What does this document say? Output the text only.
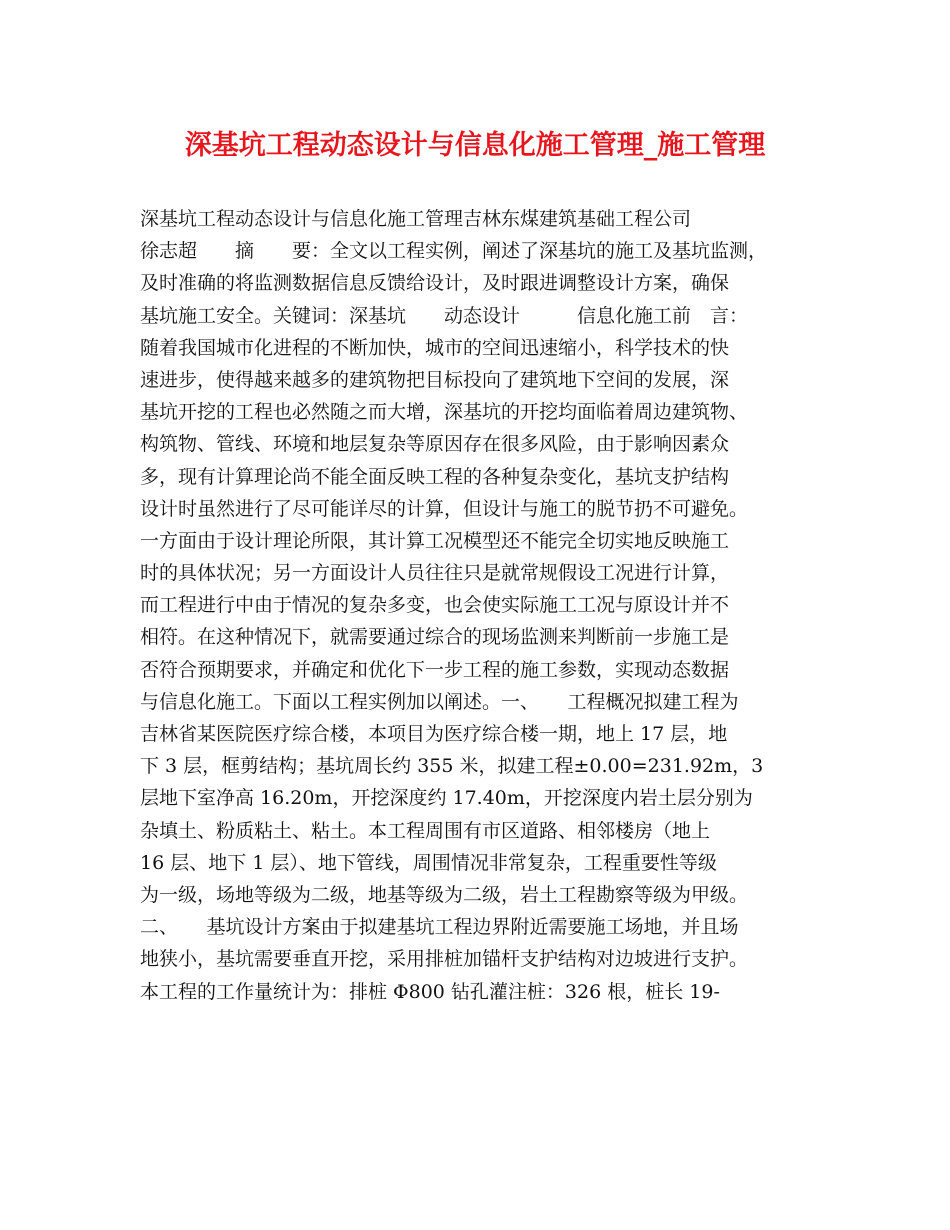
深基坑工程动态设计与信息化施工管理_施工管理
深基坑工程动态设计与信息化施工管理吉林东煤建筑基础工程公司
徐志超　　摘　　要：全文以工程实例，阐述了深基坑的施工及基坑监测，
及时准确的将监测数据信息反馈给设计，及时跟进调整设计方案，确保
基坑施工安全。关键词：深基坑　　动态设计　　　信息化施工前　言：
随着我国城市化进程的不断加快，城市的空间迅速缩小，科学技术的快
速进步，使得越来越多的建筑物把目标投向了建筑地下空间的发展，深
基坑开挖的工程也必然随之而大增，深基坑的开挖均面临着周边建筑物、
构筑物、管线、环境和地层复杂等原因存在很多风险，由于影响因素众
多，现有计算理论尚不能全面反映工程的各种复杂变化，基坑支护结构
设计时虽然进行了尽可能详尽的计算，但设计与施工的脱节扔不可避免。
一方面由于设计理论所限，其计算工况模型还不能完全切实地反映施工
时的具体状况；另一方面设计人员往往只是就常规假设工况进行计算，
而工程进行中由于情况的复杂多变，也会使实际施工工况与原设计并不
相符。在这种情况下，就需要通过综合的现场监测来判断前一步施工是
否符合预期要求，并确定和优化下一步工程的施工参数，实现动态数据
与信息化施工。下面以工程实例加以阐述。一、　　工程概况拟建工程为
吉林省某医院医疗综合楼，本项目为医疗综合楼一期，地上 17 层，地
下 3 层，框剪结构；基坑周长约 355 米，拟建工程±0.00=231.92m，3
层地下室净高 16.20m，开挖深度约 17.40m，开挖深度内岩土层分别为
杂填土、粉质粘土、粘土。本工程周围有市区道路、相邻楼房（地上
16 层、地下 1 层）、地下管线，周围情况非常复杂，工程重要性等级
为一级，场地等级为二级，地基等级为二级，岩土工程勘察等级为甲级。
二、　　基坑设计方案由于拟建基坑工程边界附近需要施工场地，并且场
地狭小，基坑需要垂直开挖，采用排桩加锚杆支护结构对边坡进行支护。
本工程的工作量统计为：排桩 Φ800 钻孔灌注桩：326 根，桩长 19-
